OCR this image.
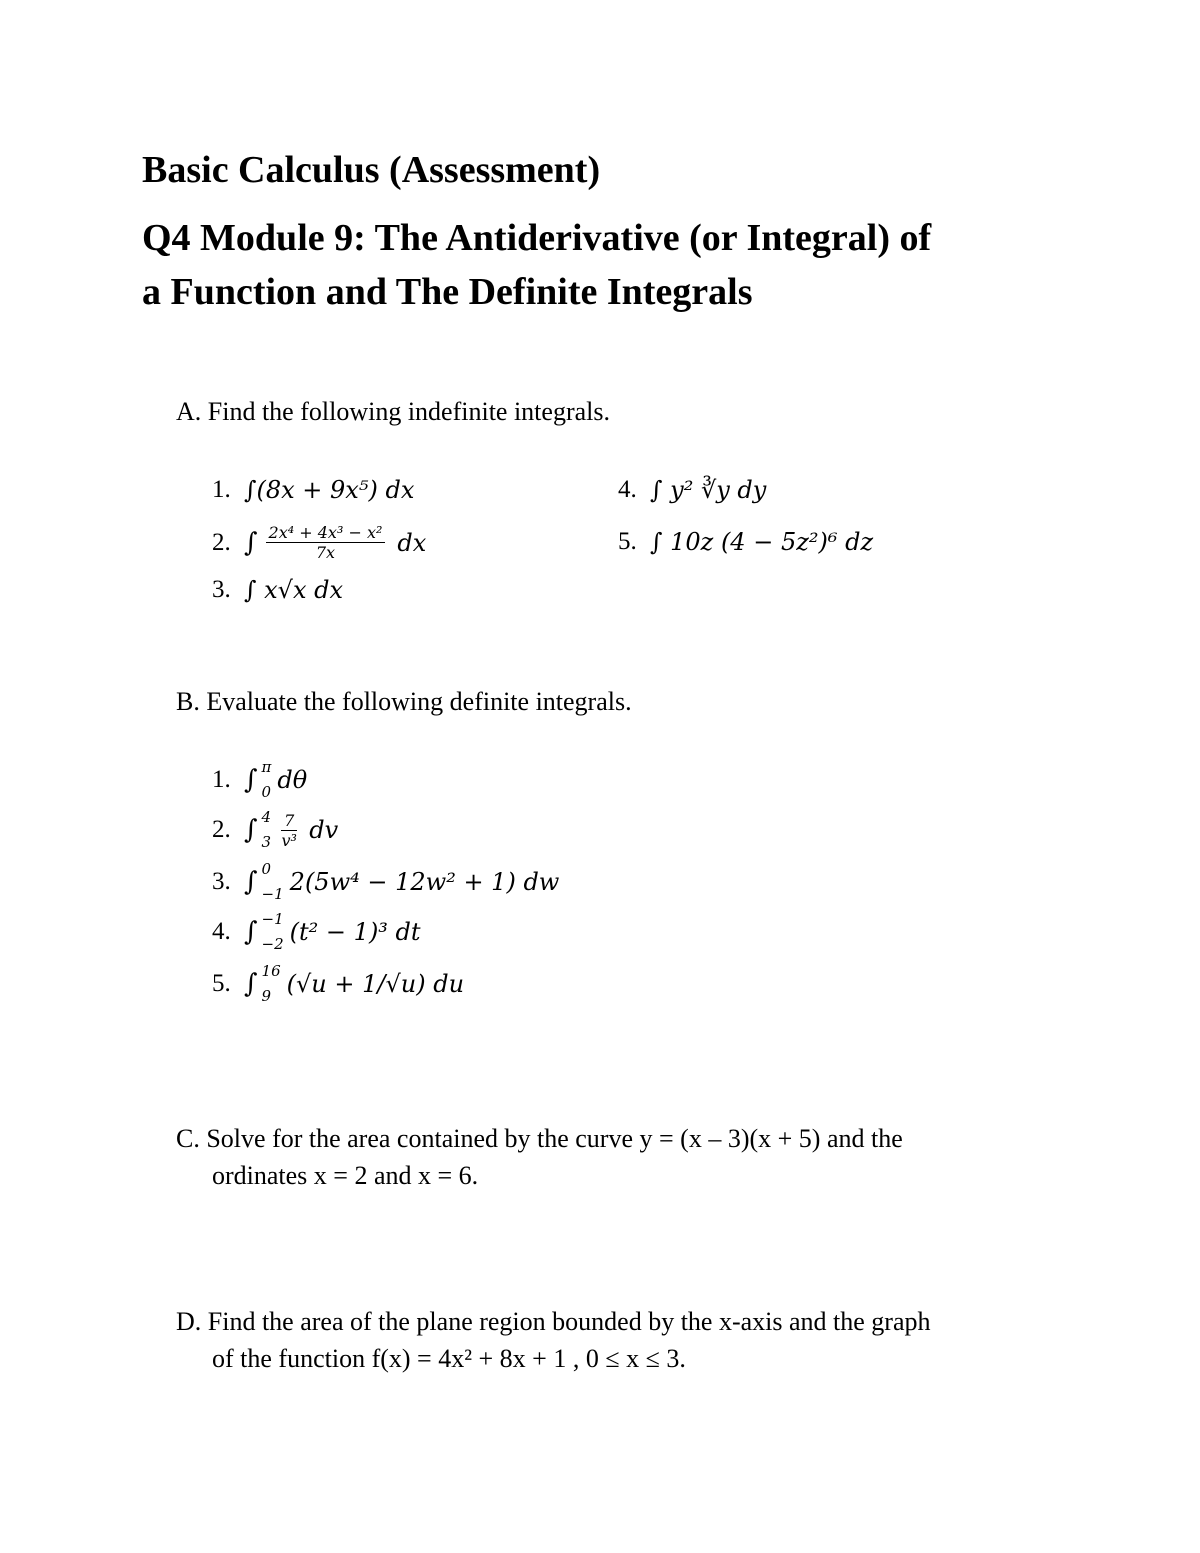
Basic Calculus (Assessment)
Q4 Module 9: The Antiderivative (or Integral) of
a Function and The Definite Integrals
A. Find the following indefinite integrals.
1. ∫(8x + 9x⁵) dx
2. ∫ $\frac{\text{2x⁴ + 4x³ − x²}}{7x}$ dx
3. ∫ x√x dx
4. ∫ y² ∛y dy
5. ∫ 10z (4 − 5z²)⁶ dz
B. Evaluate the following definite integrals.
1. ∫ π
0 dθ
2. ∫ 4
$3 \frac{7}{\text{v³}}$ dv
3. ∫ 0
−1 2(5w⁴ − 12w² + 1) dw
4. ∫ −1
−2 (t² − 1)³ dt
5. ∫ 16
9 (√u + 1/√u) du
C. Solve for the area contained by the curve y = (x – 3)(x + 5) and the
ordinates x = 2 and x = 6.
D. Find the area of the plane region bounded by the x-axis and the graph
of the function f(x) = 4x² + 8x + 1 , 0 ≤ x ≤ 3.
